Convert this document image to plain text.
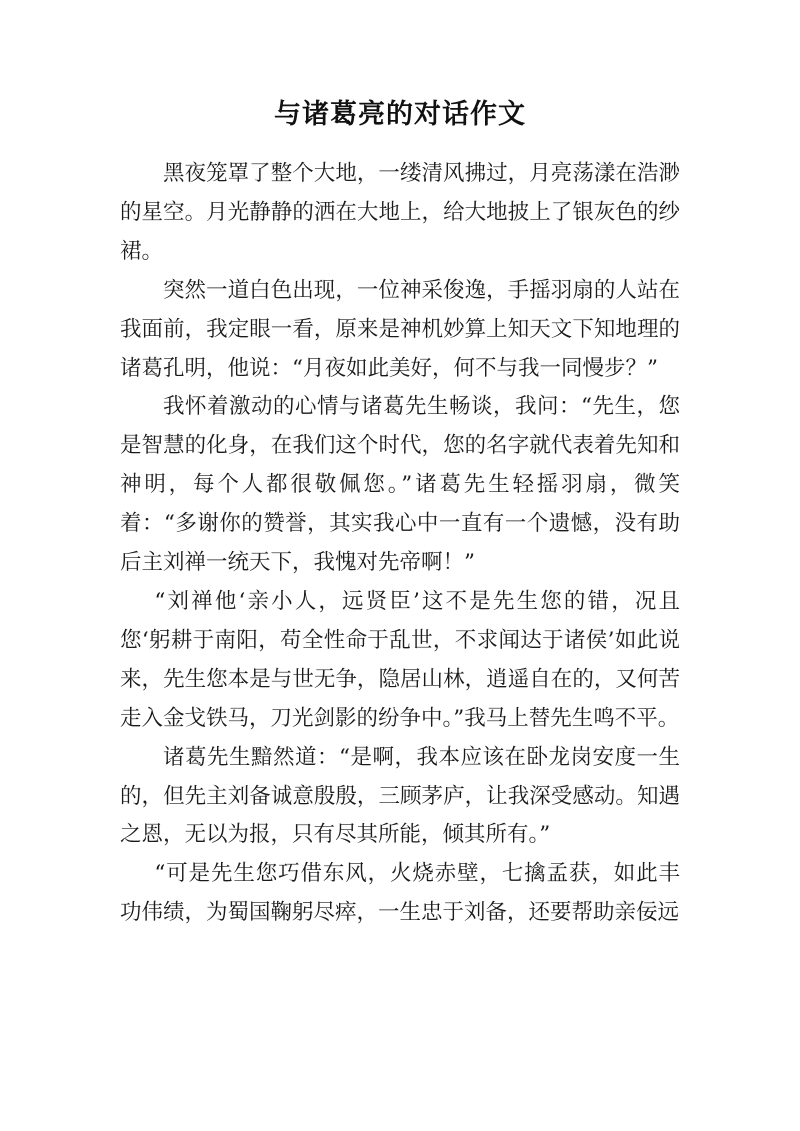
与诸葛亮的对话作文

黑夜笼罩了整个大地，一缕清风拂过，月亮荡漾在浩渺的星空。月光静静的洒在大地上，给大地披上了银灰色的纱裙。

突然一道白色出现，一位神采俊逸，手摇羽扇的人站在我面前，我定眼一看，原来是神机妙算上知天文下知地理的诸葛孔明，他说：“月夜如此美好，何不与我一同慢步？”

我怀着激动的心情与诸葛先生畅谈，我问：“先生，您是智慧的化身，在我们这个时代，您的名字就代表着先知和神明，每个人都很敬佩您。”诸葛先生轻摇羽扇，微笑着：“多谢你的赞誉，其实我心中一直有一个遗憾，没有助后主刘禅一统天下，我愧对先帝啊！”

“刘禅他‘亲小人，远贤臣’这不是先生您的错，况且您‘躬耕于南阳，苟全性命于乱世，不求闻达于诸侯’如此说来，先生您本是与世无争，隐居山林，逍遥自在的，又何苦走入金戈铁马，刀光剑影的纷争中。”我马上替先生鸣不平。

诸葛先生黯然道：“是啊，我本应该在卧龙岗安度一生的，但先主刘备诚意殷殷，三顾茅庐，让我深受感动。知遇之恩，无以为报，只有尽其所能，倾其所有。”

“可是先生您巧借东风，火烧赤壁，七擒孟获，如此丰功伟绩，为蜀国鞠躬尽瘁，一生忠于刘备，还要帮助亲佞远
